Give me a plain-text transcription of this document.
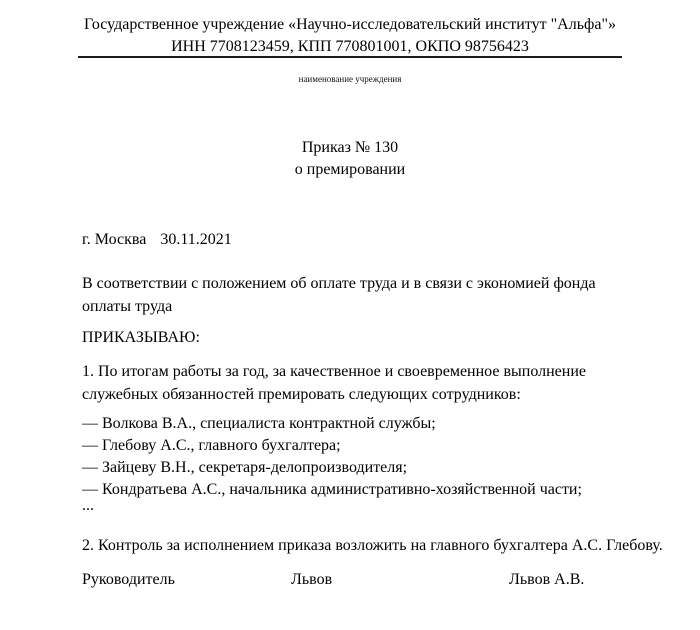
Государственное учреждение «Научно-исследовательский институт "Альфа"»
ИНН 7708123459, КПП 770801001, ОКПО 98756423
наименование учреждения
Приказ № 130
о премировании
г. Москва 30.11.2021

В соответствии с положением об оплате труда и в связи с экономией фонда оплаты труда

ПРИКАЗЫВАЮ:

1. По итогам работы за год, за качественное и своевременное выполнение служебных обязанностей премировать следующих сотрудников:

— Волкова В.А., специалиста контрактной службы;
— Глебову А.С., главного бухгалтера;
— Зайцеву В.Н., секретаря-делопроизводителя;
— Кондратьева А.С., начальника административно-хозяйственной части;

...

2. Контроль за исполнением приказа возложить на главного бухгалтера А.С. Глебову.

Руководитель	Львов	Львов А.В.
